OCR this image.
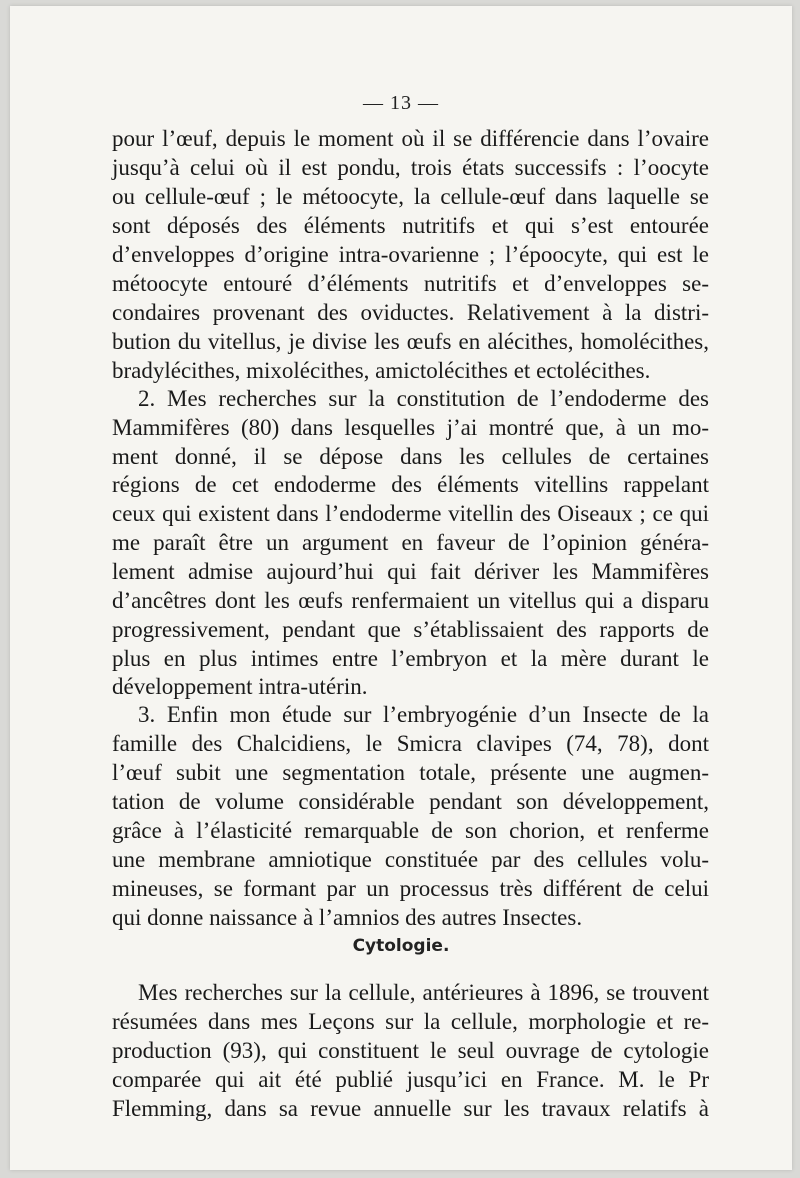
— 13 —
pour l’œuf, depuis le moment où il se différencie dans l’ovaire
jusqu’à celui où il est pondu, trois états successifs : l’oocyte
ou cellule-œuf ; le métoocyte, la cellule-œuf dans laquelle se
sont déposés des éléments nutritifs et qui s’est entourée
d’enveloppes d’origine intra-ovarienne ; l’époocyte, qui est le
métoocyte entouré d’éléments nutritifs et d’enveloppes se-
condaires provenant des oviductes. Relativement à la distri-
bution du vitellus, je divise les œufs en alécithes, homolécithes,
bradylécithes, mixolécithes, amictolécithes et ectolécithes.
2. Mes recherches sur la constitution de l’endoderme des
Mammifères (80) dans lesquelles j’ai montré que, à un mo-
ment donné, il se dépose dans les cellules de certaines
régions de cet endoderme des éléments vitellins rappelant
ceux qui existent dans l’endoderme vitellin des Oiseaux ; ce qui
me paraît être un argument en faveur de l’opinion généra-
lement admise aujourd’hui qui fait dériver les Mammifères
d’ancêtres dont les œufs renfermaient un vitellus qui a disparu
progressivement, pendant que s’établissaient des rapports de
plus en plus intimes entre l’embryon et la mère durant le
développement intra-utérin.
3. Enfin mon étude sur l’embryogénie d’un Insecte de la
famille des Chalcidiens, le Smicra clavipes (74, 78), dont
l’œuf subit une segmentation totale, présente une augmen-
tation de volume considérable pendant son développement,
grâce à l’élasticité remarquable de son chorion, et renferme
une membrane amniotique constituée par des cellules volu-
mineuses, se formant par un processus très différent de celui
qui donne naissance à l’amnios des autres Insectes.
Mes recherches sur la cellule, antérieures à 1896, se trouvent
résumées dans mes Leçons sur la cellule, morphologie et re-
production (93), qui constituent le seul ouvrage de cytologie
comparée qui ait été publié jusqu’ici en France. M. le Pr
Flemming, dans sa revue annuelle sur les travaux relatifs à
Cytologie.
